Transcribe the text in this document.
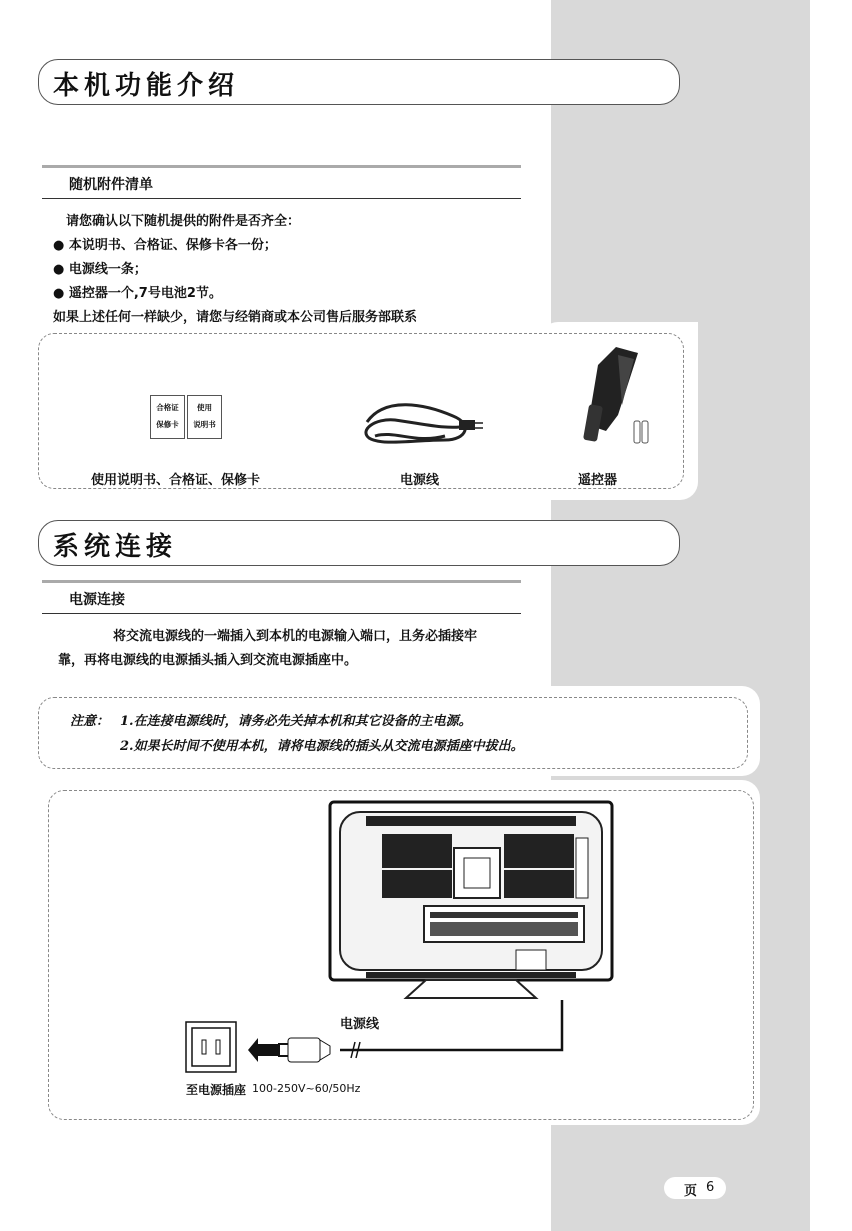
本机功能介绍
随机附件清单
请您确认以下随机提供的附件是否齐全：
● 本说明书、合格证、保修卡各一份；
● 电源线一条；
● 遥控器一个,7号电池2节。
如果上述任何一样缺少，请您与经销商或本公司售后服务部联系
合格证
保修卡
使用
说明书
使用说明书、合格证、保修卡	电源线	遥控器
系统连接
电源连接
将交流电源线的一端插入到本机的电源输入端口，且务必插接牢
靠，再将电源线的电源插头插入到交流电源插座中。
注意： 1.在连接电源线时，请务必先关掉本机和其它设备的主电源。
2.如果长时间不使用本机，请将电源线的插头从交流电源插座中拔出。
电源线
至电源插座 100-250V~60/50Hz
页 6
